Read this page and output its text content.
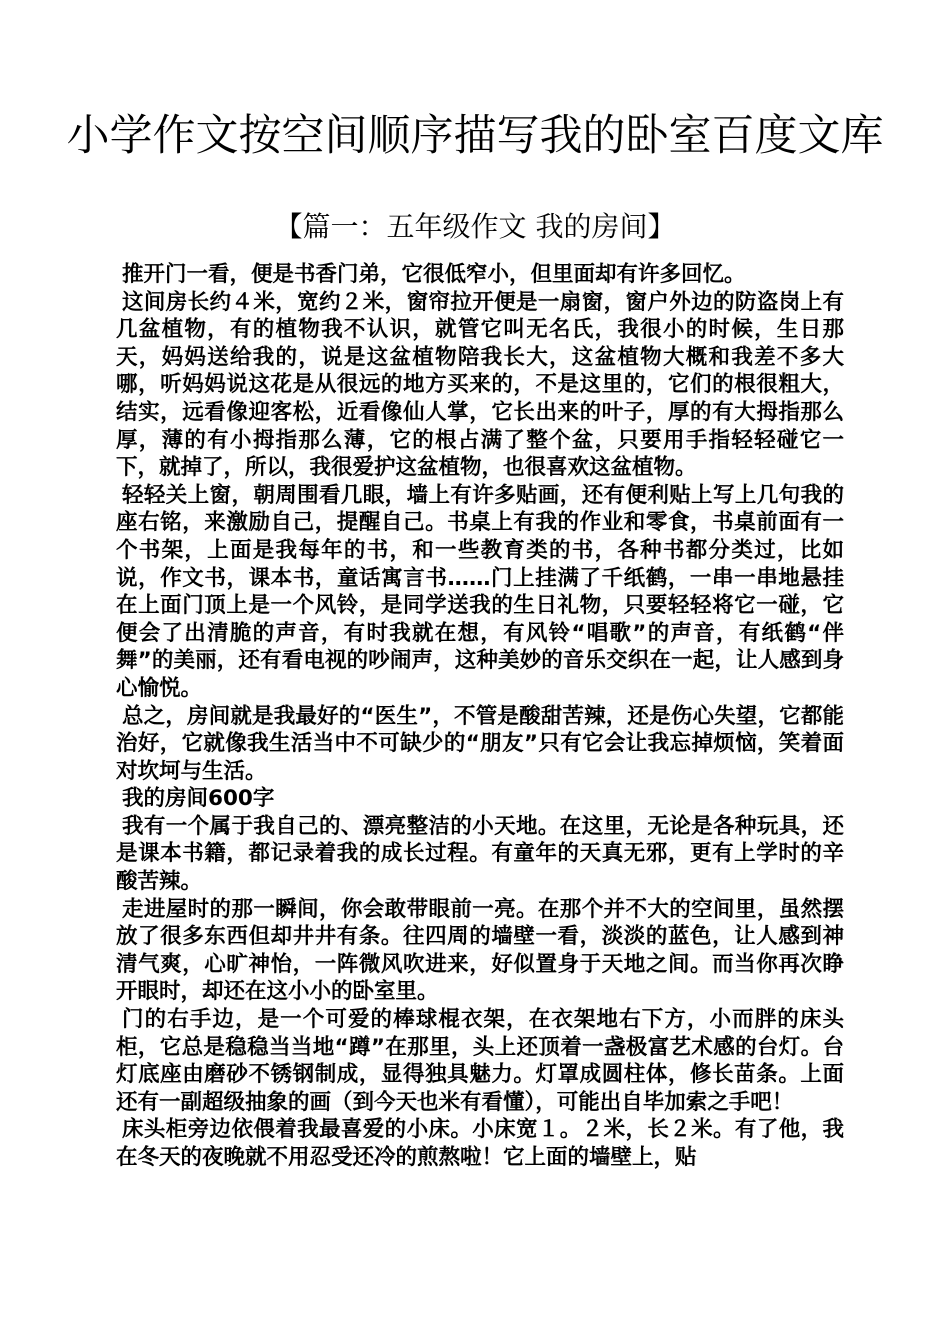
小学作文按空间顺序描写我的卧室百度文库
【篇一：五年级作文 我的房间】

推开门一看，便是书香门弟，它很低窄小，但里面却有许多回忆。

这间房长约４米，宽约２米，窗帘拉开便是一扇窗，窗户外边的防盗岗上有几盆植物，有的植物我不认识，就管它叫无名氏，我很小的时候，生日那天，妈妈送给我的，说是这盆植物陪我长大，这盆植物大概和我差不多大哪，听妈妈说这花是从很远的地方买来的，不是这里的，它们的根很粗大，结实，远看像迎客松，近看像仙人掌，它长出来的叶子，厚的有大拇指那么厚，薄的有小拇指那么薄，它的根占满了整个盆，只要用手指轻轻碰它一下，就掉了，所以，我很爱护这盆植物，也很喜欢这盆植物。

轻轻关上窗，朝周围看几眼，墙上有许多贴画，还有便利贴上写上几句我的座右铭，来激励自己，提醒自己。书桌上有我的作业和零食，书桌前面有一个书架，上面是我每年的书，和一些教育类的书，各种书都分类过，比如说，作文书，课本书，童话寓言书……门上挂满了千纸鹤，一串一串地悬挂在上面门顶上是一个风铃，是同学送我的生日礼物，只要轻轻将它一碰，它便会了出清脆的声音，有时我就在想，有风铃“唱歌”的声音，有纸鹤“伴舞”的美丽，还有看电视的吵闹声，这种美妙的音乐交织在一起，让人感到身心愉悦。

总之，房间就是我最好的“医生”，不管是酸甜苦辣，还是伤心失望，它都能治好，它就像我生活当中不可缺少的“朋友”只有它会让我忘掉烦恼，笑着面对坎坷与生活。

我的房间600字

我有一个属于我自己的、漂亮整洁的小天地。在这里，无论是各种玩具，还是课本书籍，都记录着我的成长过程。有童年的天真无邪，更有上学时的辛酸苦辣。

走进屋时的那一瞬间，你会敢带眼前一亮。在那个并不大的空间里，虽然摆放了很多东西但却井井有条。往四周的墙壁一看，淡淡的蓝色，让人感到神清气爽，心旷神怡，一阵微风吹进来，好似置身于天地之间。而当你再次睁开眼时，却还在这小小的卧室里。

门的右手边，是一个可爱的棒球棍衣架，在衣架地右下方，小而胖的床头柜，它总是稳稳当当地“蹲”在那里，头上还顶着一盏极富艺术感的台灯。台灯底座由磨砂不锈钢制成，显得独具魅力。灯罩成圆柱体，修长苗条。上面还有一副超级抽象的画（到今天也米有看懂），可能出自毕加索之手吧！

床头柜旁边依偎着我最喜爱的小床。小床宽１。２米，长２米。有了他，我在冬天的夜晚就不用忍受还冷的煎熬啦！它上面的墙壁上，贴
